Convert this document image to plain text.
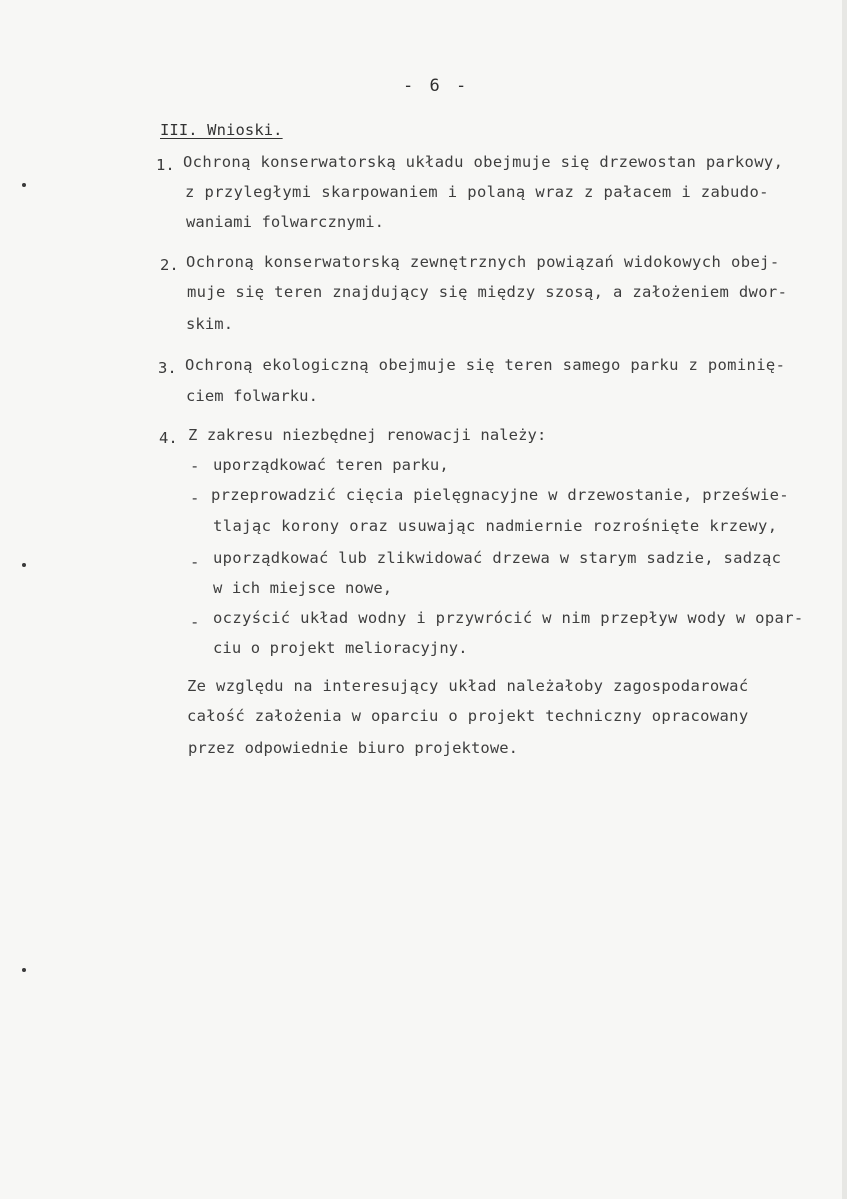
- 6 -
III. Wnioski.
1. Ochroną konserwatorską układu obejmuje się drzewostan parkowy,
z przyległymi skarpowaniem i polaną wraz z pałacem i zabudo-
waniami folwarcznymi.
2. Ochroną konserwatorską zewnętrznych powiązań widokowych obej-
muje się teren znajdujący się między szosą, a założeniem dwor-
skim.
3. Ochroną ekologiczną obejmuje się teren samego parku z pominię-
ciem folwarku.
4. Z zakresu niezbędnej renowacji należy:
- uporządkować teren parku,
- przeprowadzić cięcia pielęgnacyjne w drzewostanie, prześwie-
tlając korony oraz usuwając nadmiernie rozrośnięte krzewy,
- uporządkować lub zlikwidować drzewa w starym sadzie, sadząc
w ich miejsce nowe,
- oczyścić układ wodny i przywrócić w nim przepływ wody w opar-
ciu o projekt melioracyjny.
Ze względu na interesujący układ należałoby zagospodarować
całość założenia w oparciu o projekt techniczny opracowany
przez odpowiednie biuro projektowe.
